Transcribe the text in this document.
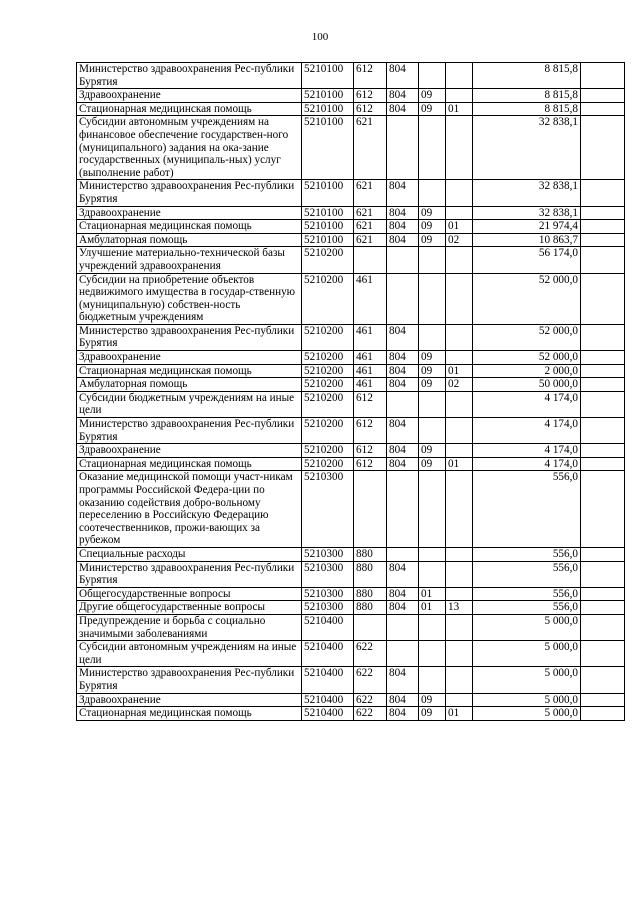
100
Министерство здравоохранения Рес-публики Бурятия	5210100	612	804			8 815,8	
Здравоохранение	5210100	612	804	09		8 815,8	
Стационарная медицинская помощь	5210100	612	804	09	01	8 815,8	
Субсидии автономным учреждениям на финансовое обеспечение государствен-ного (муниципального) задания на ока-зание государственных (муниципаль-ных) услуг (выполнение работ)	5210100	621				32 838,1	
Министерство здравоохранения Рес-публики Бурятия	5210100	621	804			32 838,1	
Здравоохранение	5210100	621	804	09		32 838,1	
Стационарная медицинская помощь	5210100	621	804	09	01	21 974,4	
Амбулаторная помощь	5210100	621	804	09	02	10 863,7	
Улучшение материально-технической базы учреждений здравоохранения	5210200					56 174,0	
Субсидии на приобретение объектов недвижимого имущества в государ-ственную (муниципальную) собствен-ность бюджетным учреждениям	5210200	461				52 000,0	
Министерство здравоохранения Рес-публики Бурятия	5210200	461	804			52 000,0	
Здравоохранение	5210200	461	804	09		52 000,0	
Стационарная медицинская помощь	5210200	461	804	09	01	2 000,0	
Амбулаторная помощь	5210200	461	804	09	02	50 000,0	
Субсидии бюджетным учреждениям на иные цели	5210200	612				4 174,0	
Министерство здравоохранения Рес-публики Бурятия	5210200	612	804			4 174,0	
Здравоохранение	5210200	612	804	09		4 174,0	
Стационарная медицинская помощь	5210200	612	804	09	01	4 174,0	
Оказание медицинской помощи участ-никам программы Российской Федера-ции по оказанию содействия добро-вольному переселению в Российскую Федерацию соотечественников, прожи-вающих за рубежом	5210300					556,0	
Специальные расходы	5210300	880				556,0	
Министерство здравоохранения Рес-публики Бурятия	5210300	880	804			556,0	
Общегосударственные вопросы	5210300	880	804	01		556,0	
Другие общегосударственные вопросы	5210300	880	804	01	13	556,0	
Предупреждение и борьба с социально значимыми заболеваниями	5210400					5 000,0	
Субсидии автономным учреждениям на иные цели	5210400	622				5 000,0	
Министерство здравоохранения Рес-публики Бурятия	5210400	622	804			5 000,0	
Здравоохранение	5210400	622	804	09		5 000,0	
Стационарная медицинская помощь	5210400	622	804	09	01	5 000,0	
